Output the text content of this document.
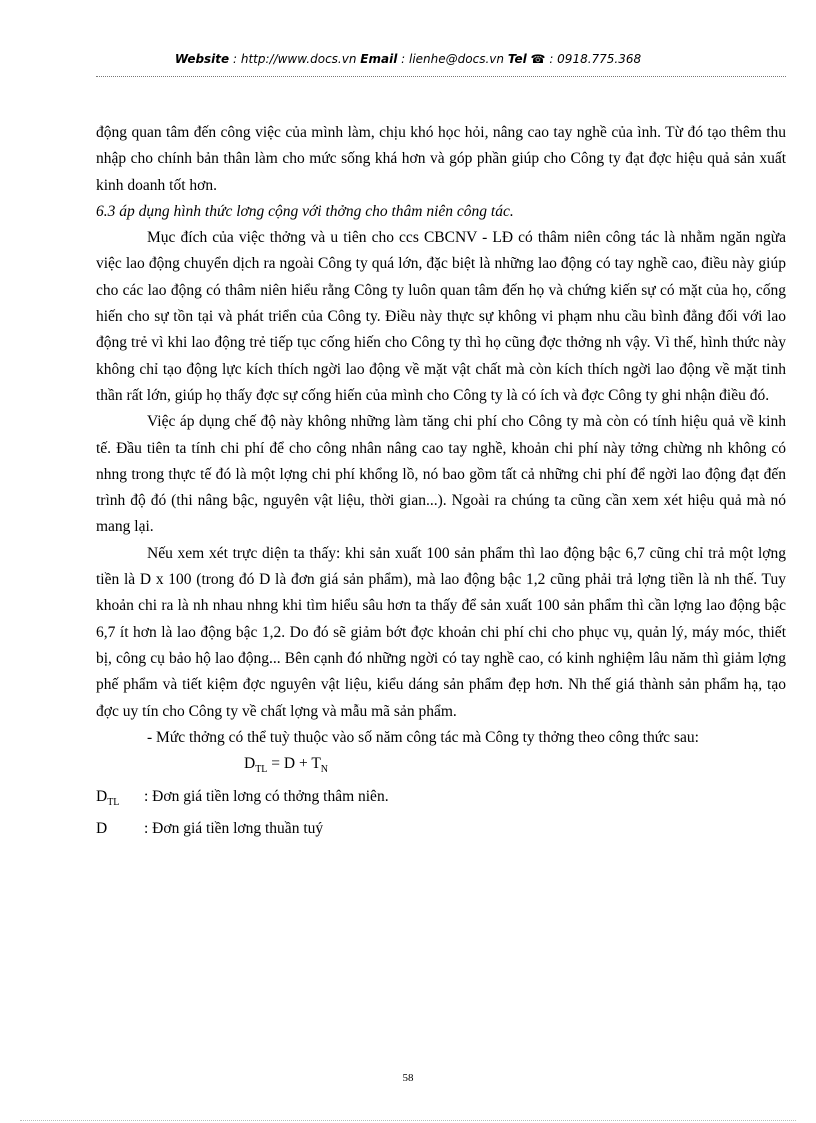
Website : http://www.docs.vn Email : lienhe@docs.vn Tel ☎ : 0918.775.368

động quan tâm đến công việc của mình làm, chịu khó học hỏi, nâng cao tay nghề của ình. Từ đó tạo thêm thu nhập cho chính bản thân làm cho mức sống khá hơn và góp phần giúp cho Công ty đạt đợc hiệu quả sản xuất kinh doanh tốt hơn.

6.3 áp dụng hình thức lơng cộng với thởng cho thâm niên công tác.

Mục đích của việc thởng và u tiên cho ccs CBCNV - LĐ có thâm niên công tác là nhằm ngăn ngừa việc lao động chuyển dịch ra ngoài Công ty quá lớn, đặc biệt là những lao động có tay nghề cao, điều này giúp cho các lao động có thâm niên hiểu rằng Công ty luôn quan tâm đến họ và chứng kiến sự có mặt của họ, cống hiến cho sự tồn tại và phát triển của Công ty. Điều này thực sự không vi phạm nhu cầu bình đẳng đối với lao động trẻ vì khi lao động trẻ tiếp tục cống hiến cho Công ty thì họ cũng đợc thởng nh vậy. Vì thế, hình thức này không chỉ tạo động lực kích thích ngời lao động về mặt vật chất mà còn kích thích ngời lao động về mặt tinh thần rất lớn, giúp họ thấy đợc sự cống hiến của mình cho Công ty là có ích và đợc Công ty ghi nhận điều đó.

Việc áp dụng chế độ này không những làm tăng chi phí cho Công ty mà còn có tính hiệu quả về kinh tế. Đầu tiên ta tính chi phí để cho công nhân nâng cao tay nghề, khoản chi phí này tởng chừng nh không có nhng trong thực tế đó là một lợng chi phí khổng lồ, nó bao gồm tất cả những chi phí để ngời lao động đạt đến trình độ đó (thi nâng bậc, nguyên vật liệu, thời gian...). Ngoài ra chúng ta cũng cần xem xét hiệu quả mà nó mang lại.

Nếu xem xét trực diện ta thấy: khi sản xuất 100 sản phẩm thì lao động bậc 6,7 cũng chỉ trả một lợng tiền là D x 100 (trong đó D là đơn giá sản phẩm), mà lao động bậc 1,2 cũng phải trả lợng tiền là nh thế. Tuy khoản chi ra là nh nhau nhng khi tìm hiểu sâu hơn ta thấy để sản xuất 100 sản phẩm thì cần lợng lao động bậc 6,7 ít hơn là lao động bậc 1,2. Do đó sẽ giảm bớt đợc khoản chi phí chi cho phục vụ, quản lý, máy móc, thiết bị, công cụ bảo hộ lao động... Bên cạnh đó những ngời có tay nghề cao, có kinh nghiệm lâu năm thì giảm lợng phế phẩm và tiết kiệm đợc nguyên vật liệu, kiểu dáng sản phẩm đẹp hơn. Nh thế giá thành sản phẩm hạ, tạo đợc uy tín cho Công ty về chất lợng và mẫu mã sản phẩm.

- Mức thởng có thể tuỳ thuộc vào số năm công tác mà Công ty thởng theo công thức sau:

$D_{TL} = D + T_N$

$D_{TL}$	: Đơn giá tiền lơng có thởng thâm niên.
D	: Đơn giá tiền lơng thuần tuý
58
